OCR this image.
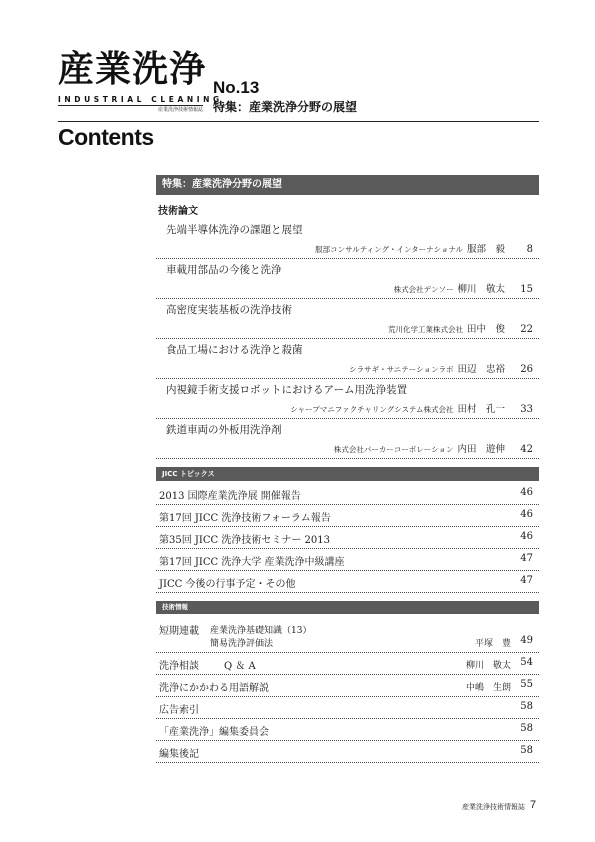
産業洗浄
INDUSTRIAL CLEANING
産業洗浄技術情報誌
No.13
特集：産業洗浄分野の展望
Contents
特集：産業洗浄分野の展望
技術論文
先端半導体洗浄の課題と展望
服部コンサルティング・インターナショナル 服部　毅	8
車載用部品の今後と洗浄
株式会社デンソー 柳川　敬太	15
高密度実装基板の洗浄技術
荒川化学工業株式会社 田中　俊	22
食品工場における洗浄と殺菌
シラサギ・サニテーションラボ 田辺　忠裕	26
内視鏡手術支援ロボットにおけるアーム用洗浄装置
シャープマニファクチャリングシステム株式会社 田村　孔一	33
鉄道車両の外板用洗浄剤
株式会社パーカーコーポレーション 内田　遊伸	42
JICC トピックス
2013 国際産業洗浄展 開催報告	46
第17回 JICC 洗浄技術フォーラム報告	46
第35回 JICC 洗浄技術セミナー 2013	46
第17回 JICC 洗浄大学 産業洗浄中級講座	47
JICC 今後の行事予定・その他	47
技術情報
短期連載 産業洗浄基礎知識（13）
簡易洗浄評価法	平塚　豊 49
洗浄相談	Q ＆ A	柳川　敬太 54
洗浄にかかわる用語解説	中嶋　生朗 55
広告索引	58
「産業洗浄」編集委員会	58
編集後記	58
産業洗浄技術情報誌 7
